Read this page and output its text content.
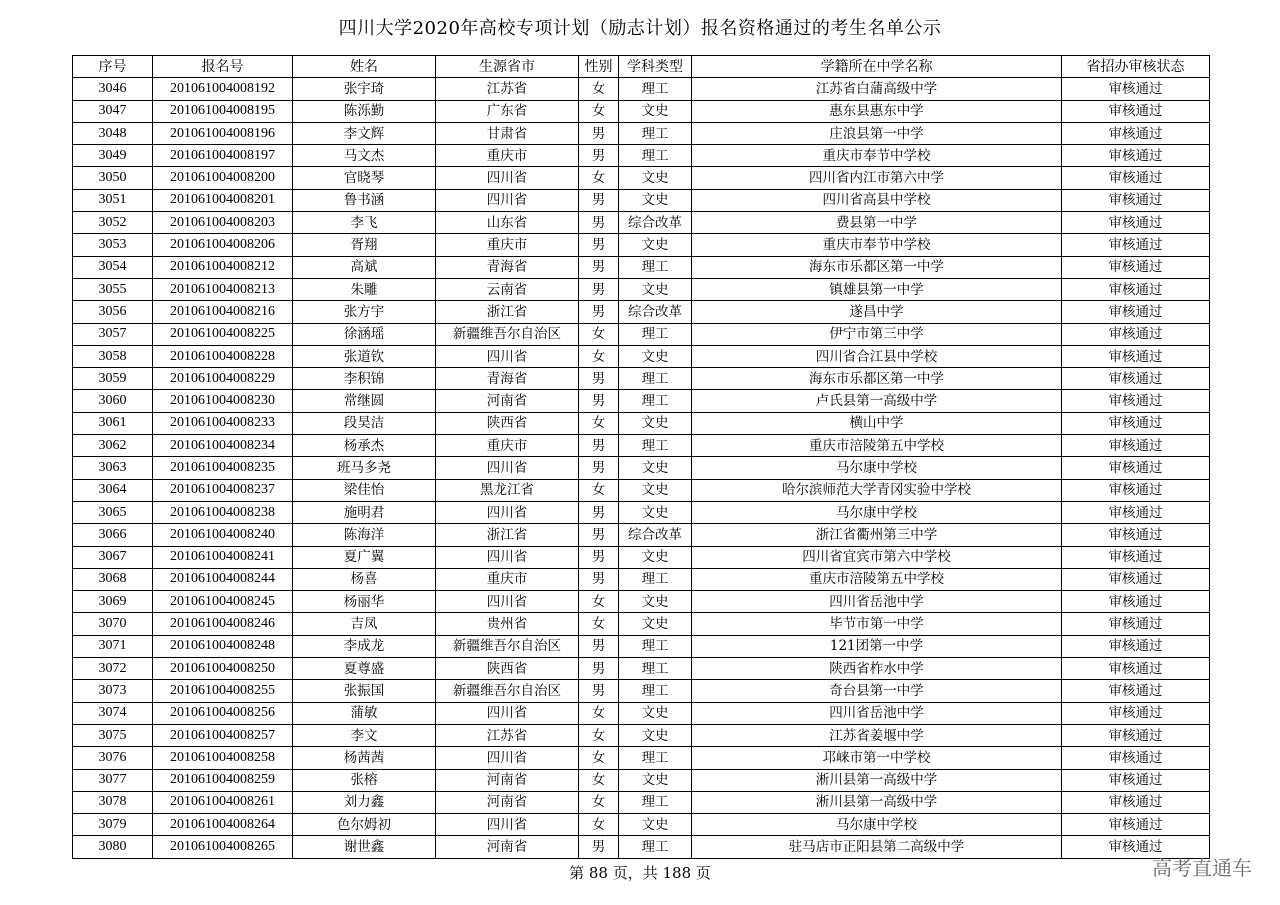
四川大学2020年高校专项计划（励志计划）报名资格通过的考生名单公示
序号	报名号	姓名	生源省市	性别	学科类型	学籍所在中学名称	省招办审核状态
3046	201061004008192	张宇琦	江苏省	女	理工	江苏省白蒲高级中学	审核通过
3047	201061004008195	陈泺勤	广东省	女	文史	惠东县惠东中学	审核通过
3048	201061004008196	李文辉	甘肃省	男	理工	庄浪县第一中学	审核通过
3049	201061004008197	马文杰	重庆市	男	理工	重庆市奉节中学校	审核通过
3050	201061004008200	官晓琴	四川省	女	文史	四川省内江市第六中学	审核通过
3051	201061004008201	鲁书涵	四川省	男	文史	四川省高县中学校	审核通过
3052	201061004008203	李飞	山东省	男	综合改革	费县第一中学	审核通过
3053	201061004008206	胥翔	重庆市	男	文史	重庆市奉节中学校	审核通过
3054	201061004008212	高斌	青海省	男	理工	海东市乐都区第一中学	审核通过
3055	201061004008213	朱雕	云南省	男	文史	镇雄县第一中学	审核通过
3056	201061004008216	张方宇	浙江省	男	综合改革	遂昌中学	审核通过
3057	201061004008225	徐涵瑶	新疆维吾尔自治区	女	理工	伊宁市第三中学	审核通过
3058	201061004008228	张道钦	四川省	女	文史	四川省合江县中学校	审核通过
3059	201061004008229	李积锦	青海省	男	理工	海东市乐都区第一中学	审核通过
3060	201061004008230	常继圆	河南省	男	理工	卢氏县第一高级中学	审核通过
3061	201061004008233	段昊洁	陕西省	女	文史	横山中学	审核通过
3062	201061004008234	杨承杰	重庆市	男	理工	重庆市涪陵第五中学校	审核通过
3063	201061004008235	班马多尧	四川省	男	文史	马尔康中学校	审核通过
3064	201061004008237	梁佳怡	黑龙江省	女	文史	哈尔滨师范大学青冈实验中学校	审核通过
3065	201061004008238	施明君	四川省	男	文史	马尔康中学校	审核通过
3066	201061004008240	陈海洋	浙江省	男	综合改革	浙江省衢州第三中学	审核通过
3067	201061004008241	夏广翼	四川省	男	文史	四川省宜宾市第六中学校	审核通过
3068	201061004008244	杨喜	重庆市	男	理工	重庆市涪陵第五中学校	审核通过
3069	201061004008245	杨丽华	四川省	女	文史	四川省岳池中学	审核通过
3070	201061004008246	吉凤	贵州省	女	文史	毕节市第一中学	审核通过
3071	201061004008248	李成龙	新疆维吾尔自治区	男	理工	121团第一中学	审核通过
3072	201061004008250	夏尊盛	陕西省	男	理工	陕西省柞水中学	审核通过
3073	201061004008255	张振国	新疆维吾尔自治区	男	理工	奇台县第一中学	审核通过
3074	201061004008256	蒲敏	四川省	女	文史	四川省岳池中学	审核通过
3075	201061004008257	李文	江苏省	女	文史	江苏省姜堰中学	审核通过
3076	201061004008258	杨茜茜	四川省	女	理工	邛崃市第一中学校	审核通过
3077	201061004008259	张榕	河南省	女	文史	淅川县第一高级中学	审核通过
3078	201061004008261	刘力鑫	河南省	女	理工	淅川县第一高级中学	审核通过
3079	201061004008264	色尔姆初	四川省	女	文史	马尔康中学校	审核通过
3080	201061004008265	谢世鑫	河南省	男	理工	驻马店市正阳县第二高级中学	审核通过
第 88 页，共 188 页	高考直通车
